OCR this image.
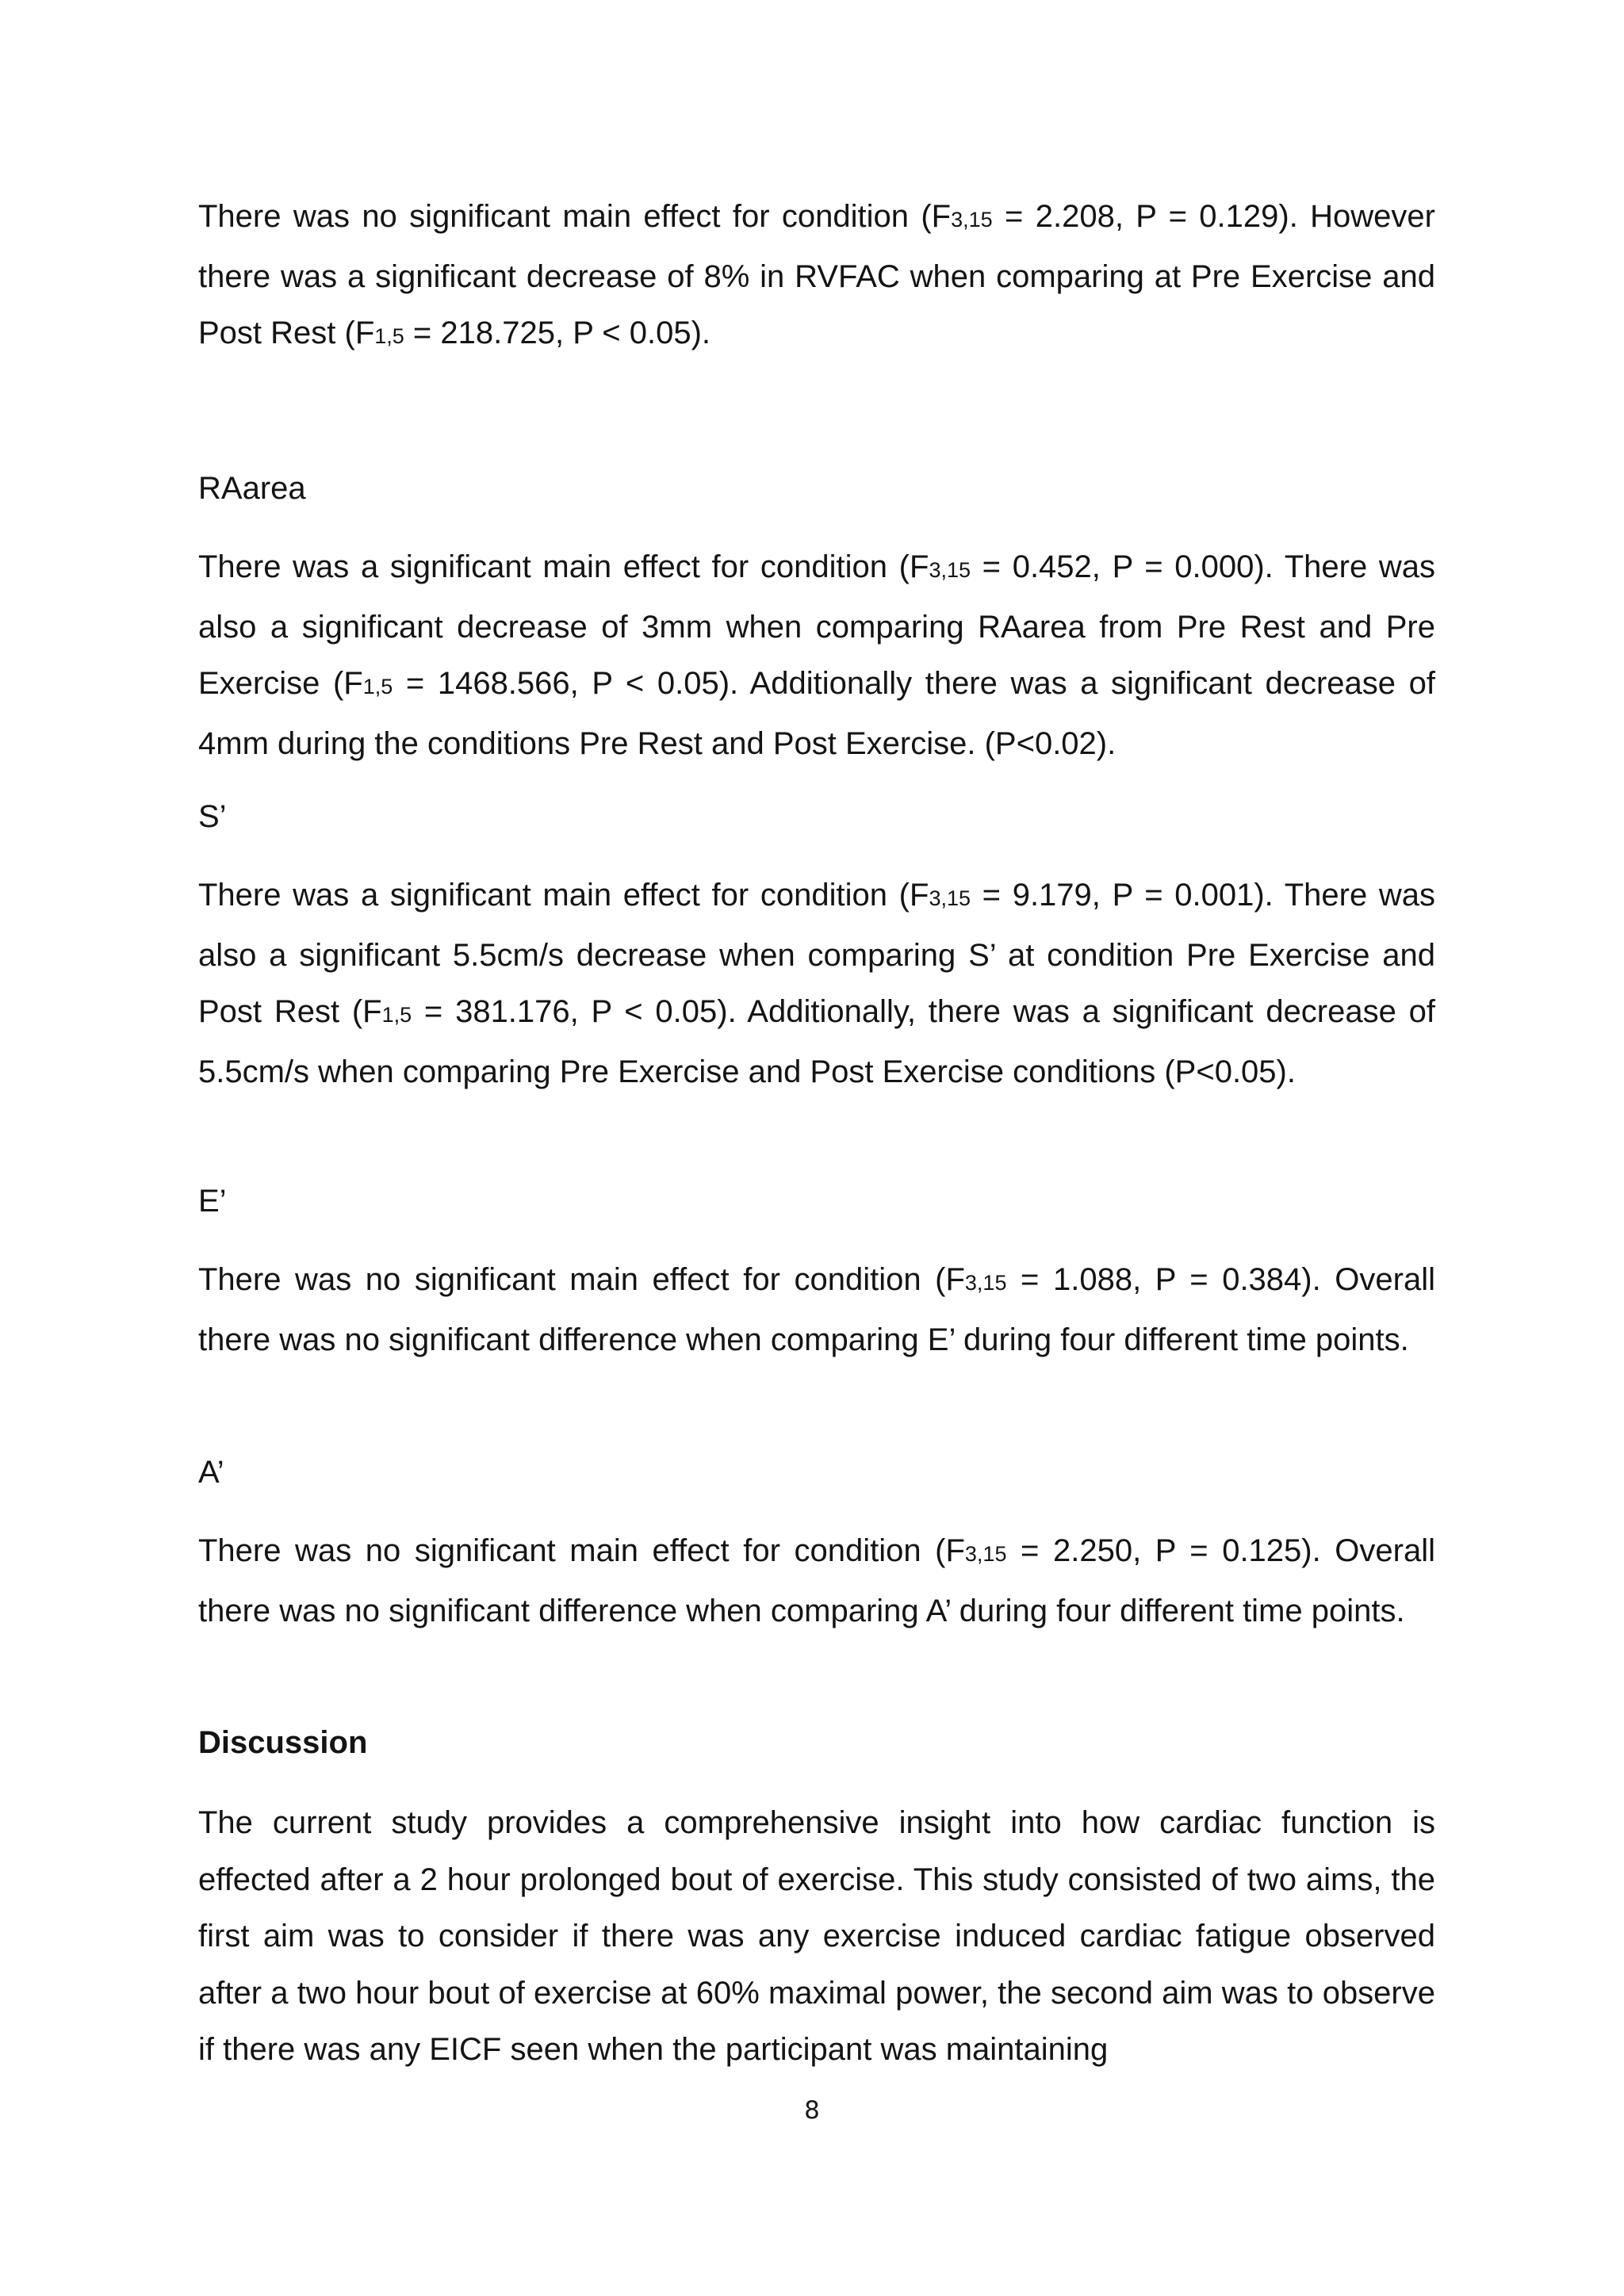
There was no significant main effect for condition (F3,15 = 2.208, P = 0.129). However there was a significant decrease of 8% in RVFAC when comparing at Pre Exercise and Post Rest (F1,5 = 218.725, P < 0.05).

RAarea

There was a significant main effect for condition (F3,15 = 0.452, P = 0.000). There was also a significant decrease of 3mm when comparing RAarea from Pre Rest and Pre Exercise (F1,5 = 1468.566, P < 0.05). Additionally there was a significant decrease of 4mm during the conditions Pre Rest and Post Exercise. (P<0.02).

S’

There was a significant main effect for condition (F3,15 = 9.179, P = 0.001). There was also a significant 5.5cm/s decrease when comparing S’ at condition Pre Exercise and Post Rest (F1,5 = 381.176, P < 0.05). Additionally, there was a significant decrease of 5.5cm/s when comparing Pre Exercise and Post Exercise conditions (P<0.05).

E’

There was no significant main effect for condition (F3,15 = 1.088, P = 0.384). Overall there was no significant difference when comparing E’ during four different time points.

A’

There was no significant main effect for condition (F3,15 = 2.250, P = 0.125). Overall there was no significant difference when comparing A’ during four different time points.

Discussion

The current study provides a comprehensive insight into how cardiac function is effected after a 2 hour prolonged bout of exercise. This study consisted of two aims, the first aim was to consider if there was any exercise induced cardiac fatigue observed after a two hour bout of exercise at 60% maximal power, the second aim was to observe if there was any EICF seen when the participant was maintaining

8
